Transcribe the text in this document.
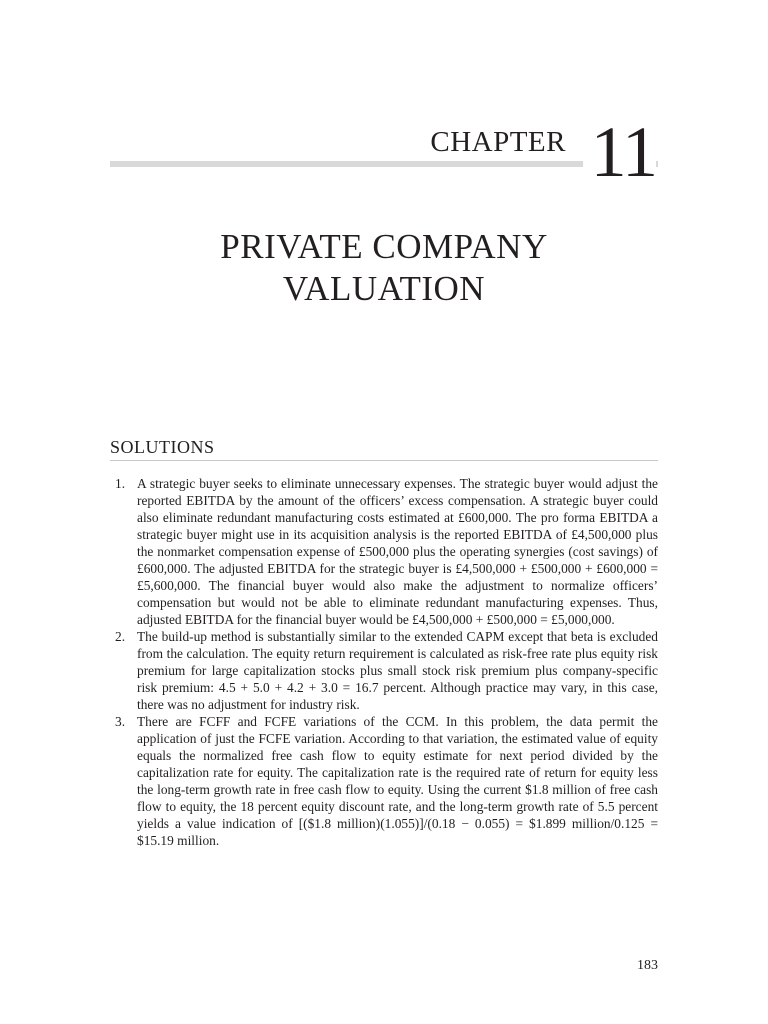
CHAPTER 11
PRIVATE COMPANY
VALUATION
SOLUTIONS
1. A strategic buyer seeks to eliminate unnecessary expenses. The strategic buyer would adjust the reported EBITDA by the amount of the officers’ excess compensation. A strategic buyer could also eliminate redundant manufacturing costs estimated at £600,000. The pro forma EBITDA a strategic buyer might use in its acquisition analysis is the reported EBITDA of £4,500,000 plus the nonmarket compensation expense of £500,000 plus the operating synergies (cost savings) of £600,000. The adjusted EBITDA for the strategic buyer is £4,500,000 + £500,000 + £600,000 = £5,600,000. The financial buyer would also make the adjustment to normalize officers’ compensation but would not be able to eliminate redundant manufacturing expenses. Thus, adjusted EBITDA for the financial buyer would be £4,500,000 + £500,000 = £5,000,000.
2. The build-up method is substantially similar to the extended CAPM except that beta is excluded from the calculation. The equity return requirement is calculated as risk-free rate plus equity risk premium for large capitalization stocks plus small stock risk premium plus company-specific risk premium: 4.5 + 5.0 + 4.2 + 3.0 = 16.7 percent. Although practice may vary, in this case, there was no adjustment for industry risk.
3. There are FCFF and FCFE variations of the CCM. In this problem, the data permit the application of just the FCFE variation. According to that variation, the estimated value of equity equals the normalized free cash flow to equity estimate for next period divided by the capitalization rate for equity. The capitalization rate is the required rate of return for equity less the long-term growth rate in free cash flow to equity. Using the current $1.8 million of free cash flow to equity, the 18 percent equity discount rate, and the long-term growth rate of 5.5 percent yields a value indication of [($1.8 million)(1.055)]/(0.18 − 0.055) = $1.899 million/0.125 = $15.19 million.
183
